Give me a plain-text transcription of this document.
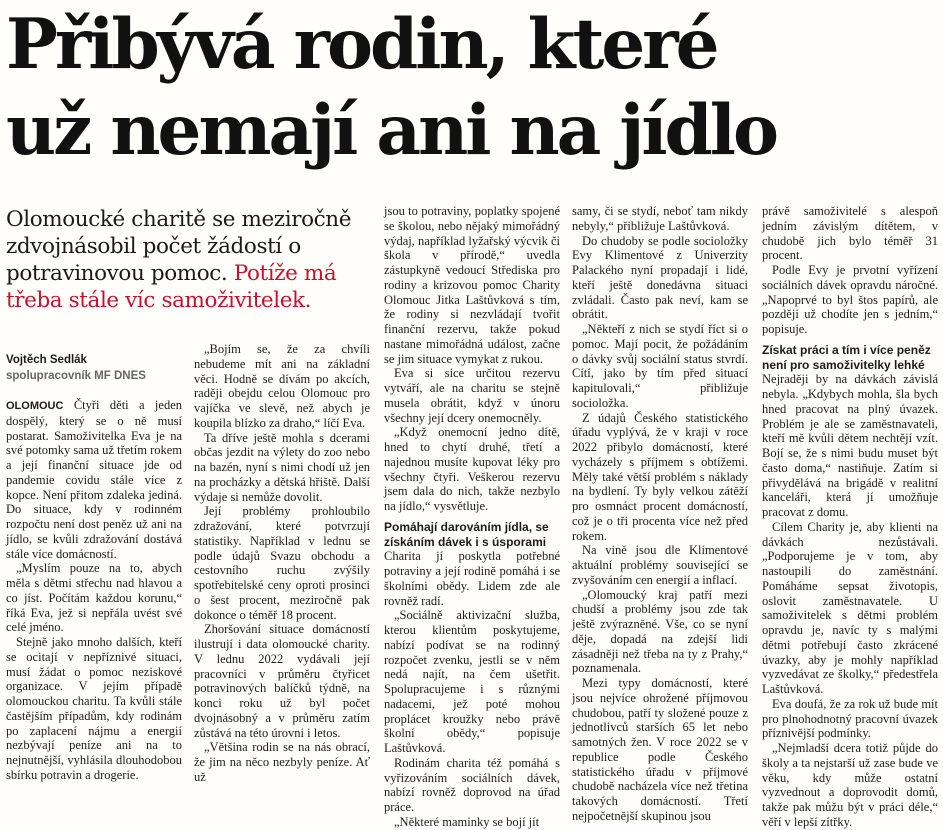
Přibývá rodin, které
už nemají ani na jídlo
Olomoucké charitě se meziročně zdvojnásobil počet žádostí o potravinovou pomoc. Potíže má třeba stále víc samoživitelek.
Vojtěch Sedlák
spolupracovník MF DNES

OLOMOUC Čtyři děti a jeden dospělý, který se o ně musí postarat. Samoživitelka Eva je na své potomky sama už třetím rokem a její finanční situace jde od pandemie covidu stále více z kopce. Není přitom zdaleka jediná. Do situace, kdy v rodinném rozpočtu není dost peněz už ani na jídlo, se kvůli zdražování dostává stále více domácností.

„Myslím pouze na to, abych měla s dětmi střechu nad hlavou a co jíst. Počítám každou korunu,“ říká Eva, jež si nepřála uvést své celé jméno.

Stejně jako mnoho dalších, kteří se ocitají v nepříznivé situaci, musí žádat o pomoc neziskové organizace. V jejím případě olomouckou charitu. Ta kvůli stále častějším případům, kdy rodinám po zaplacení nájmu a energií nezbývají peníze ani na to nejnutnější, vyhlásila dlouhodobou sbírku potravin a drogerie.

„Bojím se, že za chvíli nebudeme mít ani na základní věci. Hodně se dívám po akcích, raději obejdu celou Olomouc pro vajíčka ve slevě, než abych je koupila blízko za draho,“ líčí Eva.

Ta dříve ještě mohla s dcerami občas jezdit na výlety do zoo nebo na bazén, nyní s nimi chodí už jen na procházky a dětská hřiště. Další výdaje si nemůže dovolit.

Její problémy prohloubilo zdražování, které potvrzují statistiky. Například v lednu se podle údajů Svazu obchodu a cestovního ruchu zvýšily spotřebitelské ceny oproti prosinci o šest procent, meziročně pak dokonce o téměř 18 procent.

Zhoršování situace domácností ilustrují i data olomoucké charity. V lednu 2022 vydávali její pracovníci v průměru čtyřicet potravinových balíčků týdně, na konci roku už byl počet dvojnásobný a v průměru zatím zůstává na této úrovni i letos.

„Většina rodin se na nás obrací, že jim na něco nezbyly peníze. Ať už

jsou to potraviny, poplatky spojené se školou, nebo nějaký mimořádný výdaj, například lyžařský výcvik či škola v přírodě,“ uvedla zástupkyně vedoucí Střediska pro rodiny a krizovou pomoc Charity Olomouc Jitka Laštůvková s tím, že rodiny si nezvládají tvořit finanční rezervu, takže pokud nastane mimořádná událost, začne se jim situace vymykat z rukou.

Eva si sice určitou rezervu vytváří, ale na charitu se stejně musela obrátit, když v únoru všechny její dcery onemocněly.

„Když onemocní jedno dítě, hned to chytí druhé, třetí a najednou musíte kupovat léky pro všechny čtyři. Veškerou rezervu jsem dala do nich, takže nezbylo na jídlo,“ vysvětluje.

Pomáhají darováním jídla, se získáním dávek i s úsporami

Charita jí poskytla potřebné potraviny a její rodině pomáhá i se školními obědy. Lidem zde ale rovněž radí.

„Sociálně aktivizační služba, kterou klientům poskytujeme, nabízí podívat se na rodinný rozpočet zvenku, jestli se v něm nedá najít, na čem ušetřit. Spolupracujeme i s různými nadacemi, jež poté mohou proplácet kroužky nebo právě školní obědy,“ popisuje Laštůvková.

Rodinám charita též pomáhá s vyřizováním sociálních dávek, nabízí rovněž doprovod na úřad práce.

„Některé maminky se bojí jít

samy, či se stydí, neboť tam nikdy nebyly,“ přibližuje Laštůvková.

Do chudoby se podle socioložky Evy Klimentové z Univerzity Palackého nyní propadají i lidé, kteří ještě donedávna situaci zvládali. Často pak neví, kam se obrátit.

„Někteří z nich se stydí říct si o pomoc. Mají pocit, že požádáním o dávky svůj sociální status stvrdí. Cítí, jako by tím před situací kapitulovali,“ přibližuje socioložka.

Z údajů Českého statistického úřadu vyplývá, že v kraji v roce 2022 přibylo domácností, které vycházely s příjmem s obtížemi. Měly také větší problém s náklady na bydlení. Ty byly velkou zátěží pro osmnáct procent domácností, což je o tři procenta více než před rokem.

Na vině jsou dle Klimentové aktuální problémy související se zvyšováním cen energií a inflací.

„Olomoucký kraj patří mezi chudší a problémy jsou zde tak ještě zvýrazněné. Vše, co se nyní děje, dopadá na zdejší lidi zásadněji než třeba na ty z Prahy,“ poznamenala.

Mezi typy domácností, které jsou nejvíce ohrožené příjmovou chudobou, patří ty složené pouze z jednotlivců starších 65 let nebo samotných žen. V roce 2022 se v republice podle Českého statistického úřadu v příjmové chudobě nacházela více než třetina takových domácností. Třetí nejpočetnější skupinou jsou

právě samoživitelé s alespoň jedním závislým dítětem, v chudobě jich bylo téměř 31 procent.

Podle Evy je prvotní vyřízení sociálních dávek opravdu náročné. „Napoprvé to byl štos papírů, ale později už chodíte jen s jedním,“ popisuje.

Získat práci a tím i více peněz není pro samoživitelky lehké

Nejraději by na dávkách závislá nebyla. „Kdybych mohla, šla bych hned pracovat na plný úvazek. Problém je ale se zaměstnavateli, kteří mě kvůli dětem nechtějí vzít. Bojí se, že s nimi budu muset být často doma,“ nastiňuje. Zatím si přivydělává na brigádě v realitní kanceláři, která jí umožňuje pracovat z domu.

Cílem Charity je, aby klienti na dávkách nezůstávali. „Podporujeme je v tom, aby nastoupili do zaměstnání. Pomáháme sepsat životopis, oslovit zaměstnavatele. U samoživitelek s dětmi problém opravdu je, navíc ty s malými dětmi potřebují často zkrácené úvazky, aby je mohly například vyzvedávat ze školky,“ předestřela Laštůvková.

Eva doufá, že za rok už bude mít pro plnohodnotný pracovní úvazek příznivější podmínky.

„Nejmladší dcera totiž půjde do školy a ta nejstarší už zase bude ve věku, kdy může ostatní vyzvednout a doprovodit domů, takže pak můžu být v práci déle,“ věří v lepší zítřky.
